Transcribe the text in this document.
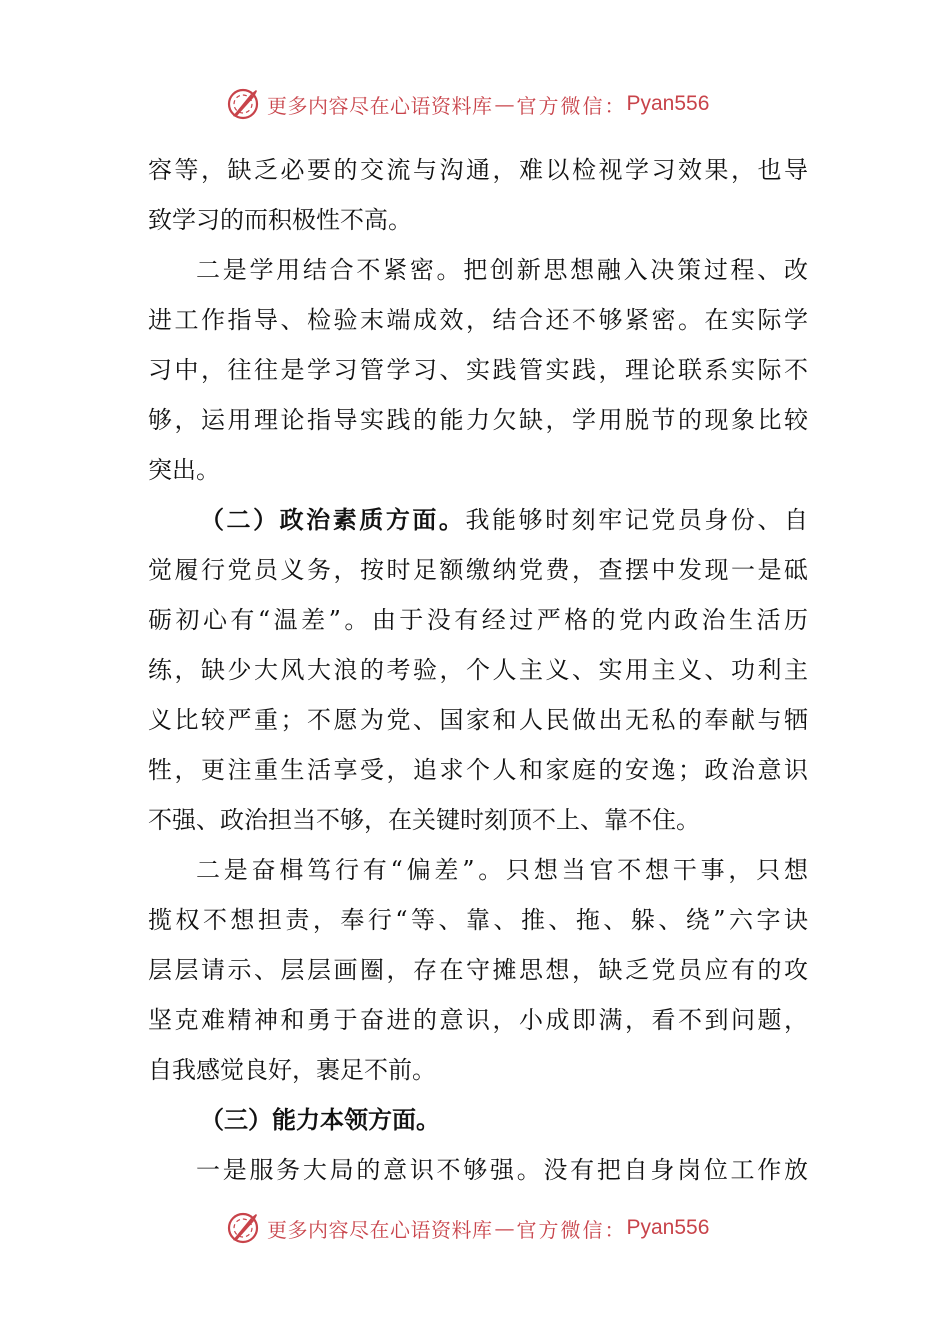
更多内容尽在心语资料库 — 官方微信： Pyan556
容等，缺乏必要的交流与沟通，难以检视学习效果，也导
致学习的而积极性不高。
二是学用结合不紧密。把创新思想融入决策过程、改
进工作指导、检验末端成效，结合还不够紧密。在实际学
习中，往往是学习管学习、实践管实践，理论联系实际不
够，运用理论指导实践的能力欠缺，学用脱节的现象比较
突出。
（二）政治素质方面。我能够时刻牢记党员身份、自
觉履行党员义务，按时足额缴纳党费，查摆中发现一是砥
砺初心有“温差”。由于没有经过严格的党内政治生活历
练，缺少大风大浪的考验，个人主义、实用主义、功利主
义比较严重；不愿为党、国家和人民做出无私的奉献与牺
牲，更注重生活享受，追求个人和家庭的安逸；政治意识
不强、政治担当不够，在关键时刻顶不上、靠不住。
二是奋楫笃行有“偏差”。只想当官不想干事，只想
揽权不想担责，奉行“等、靠、推、拖、躲、绕”六字诀
层层请示、层层画圈，存在守摊思想，缺乏党员应有的攻
坚克难精神和勇于奋进的意识，小成即满，看不到问题，
自我感觉良好，裹足不前。
（三）能力本领方面。
一是服务大局的意识不够强。没有把自身岗位工作放
更多内容尽在心语资料库 — 官方微信： Pyan556
